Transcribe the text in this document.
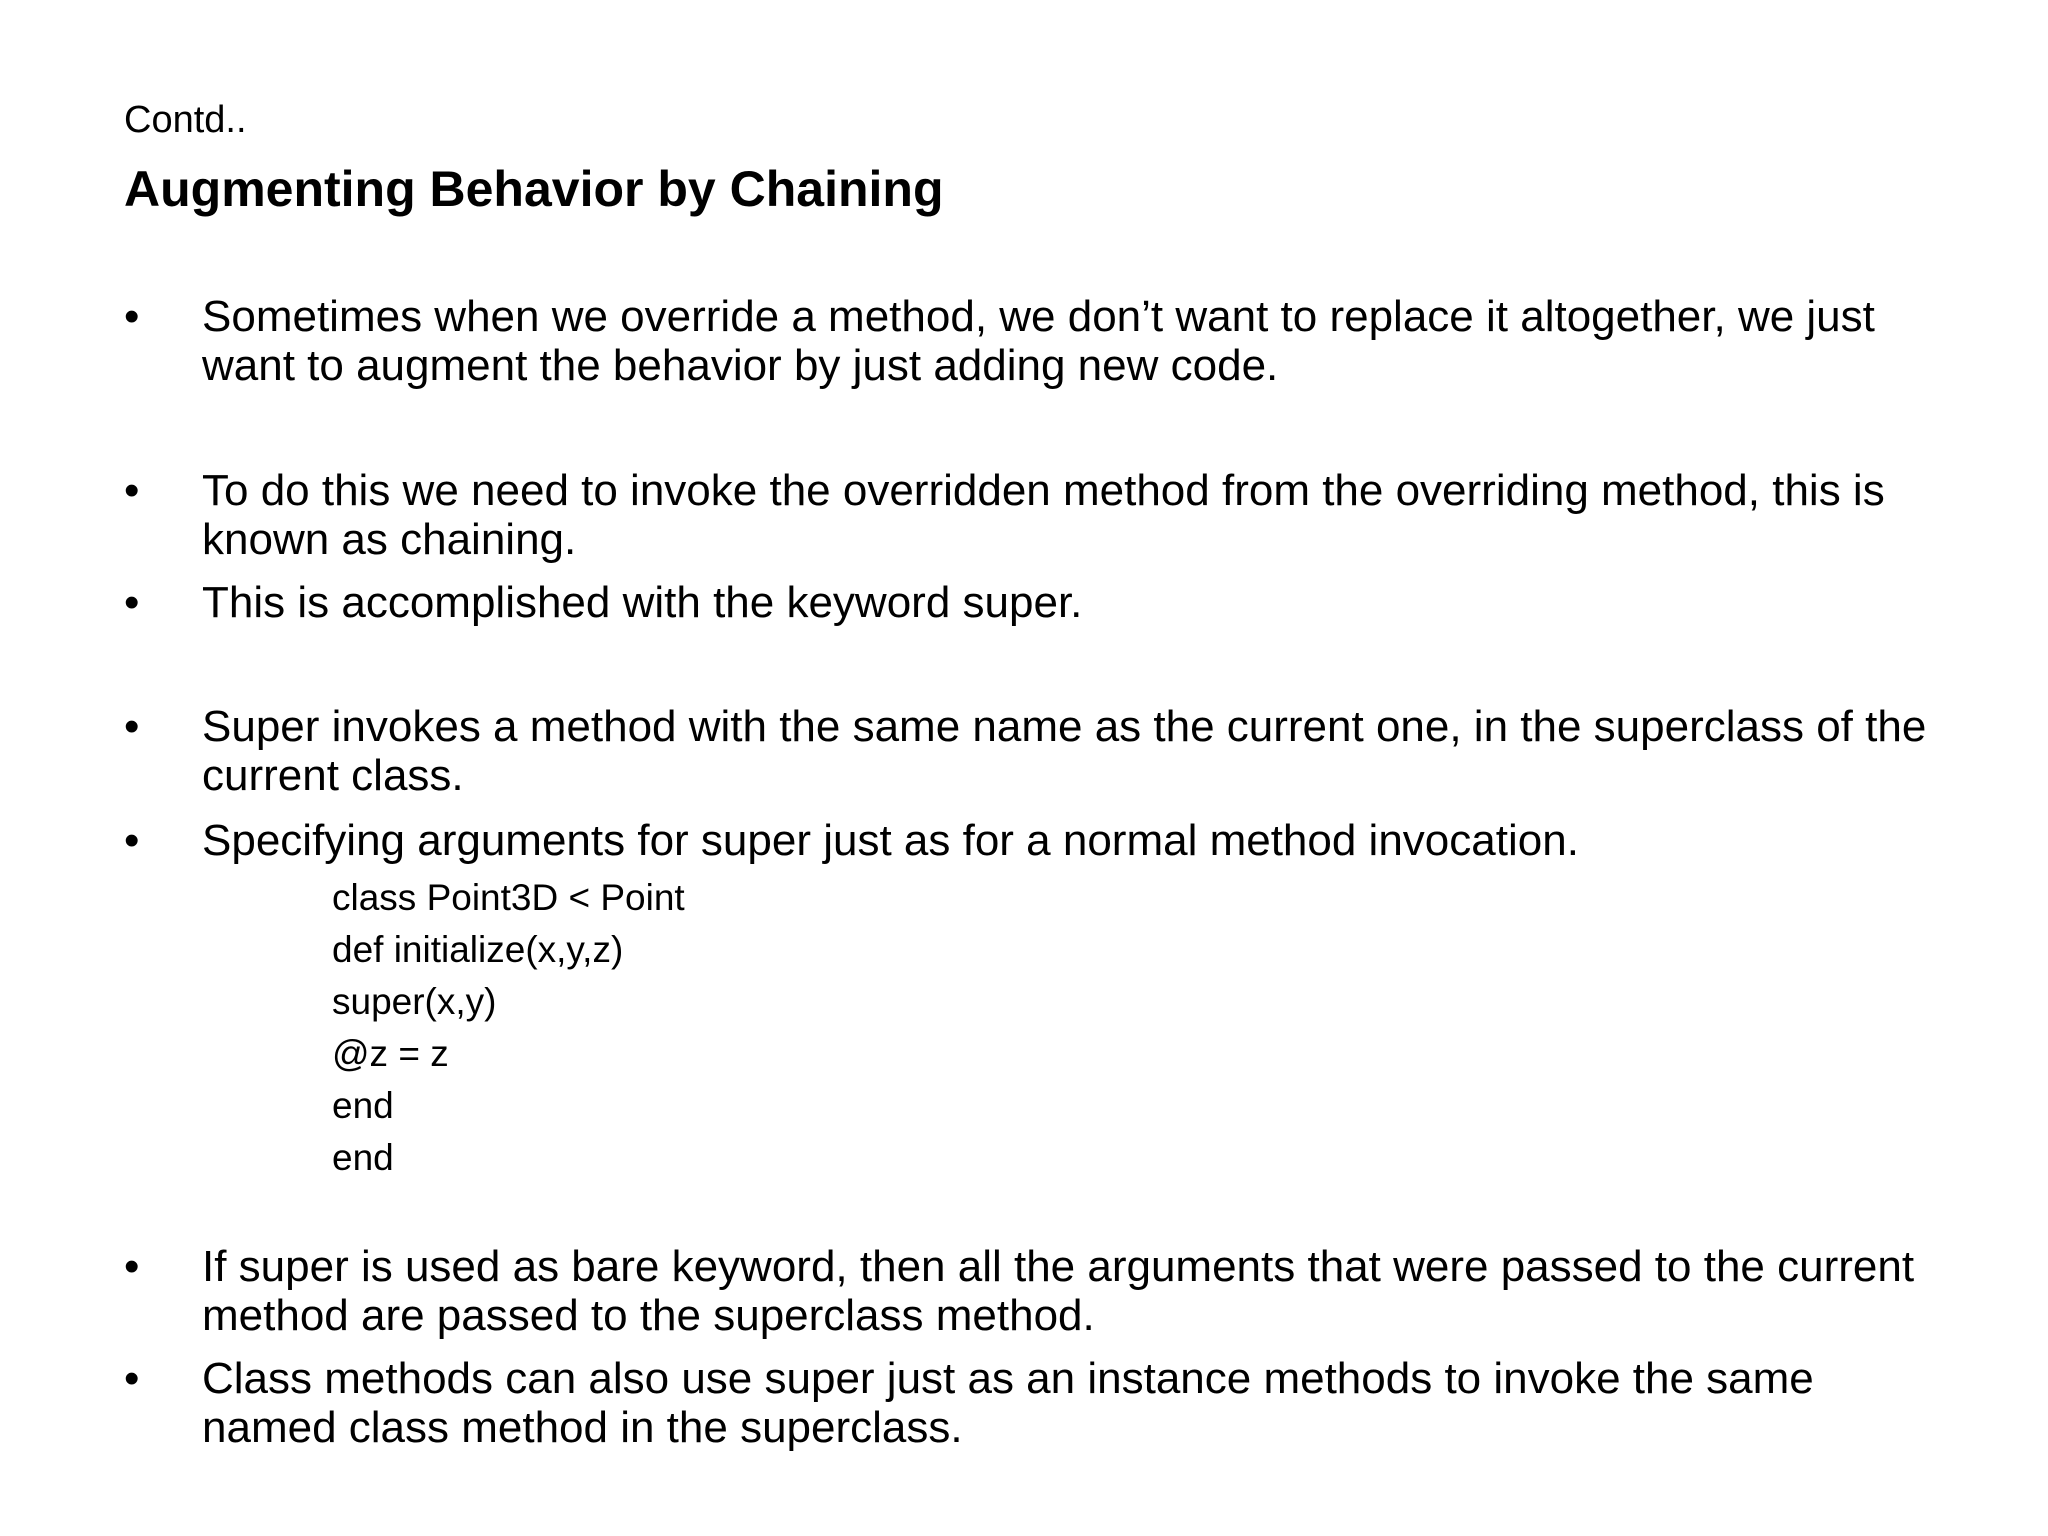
Contd..
Augmenting Behavior by Chaining
•	Sometimes when we override a method, we don’t want to replace it altogether, we just want to augment the behavior by just adding new code.
•	To do this we need to invoke the overridden method from the overriding method, this is known as chaining.
•	This is accomplished with the keyword super.
•	Super invokes a method with the same name as the current one, in the superclass of the current class.
•	Specifying arguments for super just as for a normal method invocation.
class Point3D < Point
def initialize(x,y,z)
super(x,y)
@z = z
end
end
•	If super is used as bare keyword, then all the arguments that were passed to the current method are passed to the superclass method.
•	Class methods can also use super just as an instance methods to invoke the same named class method in the superclass.
